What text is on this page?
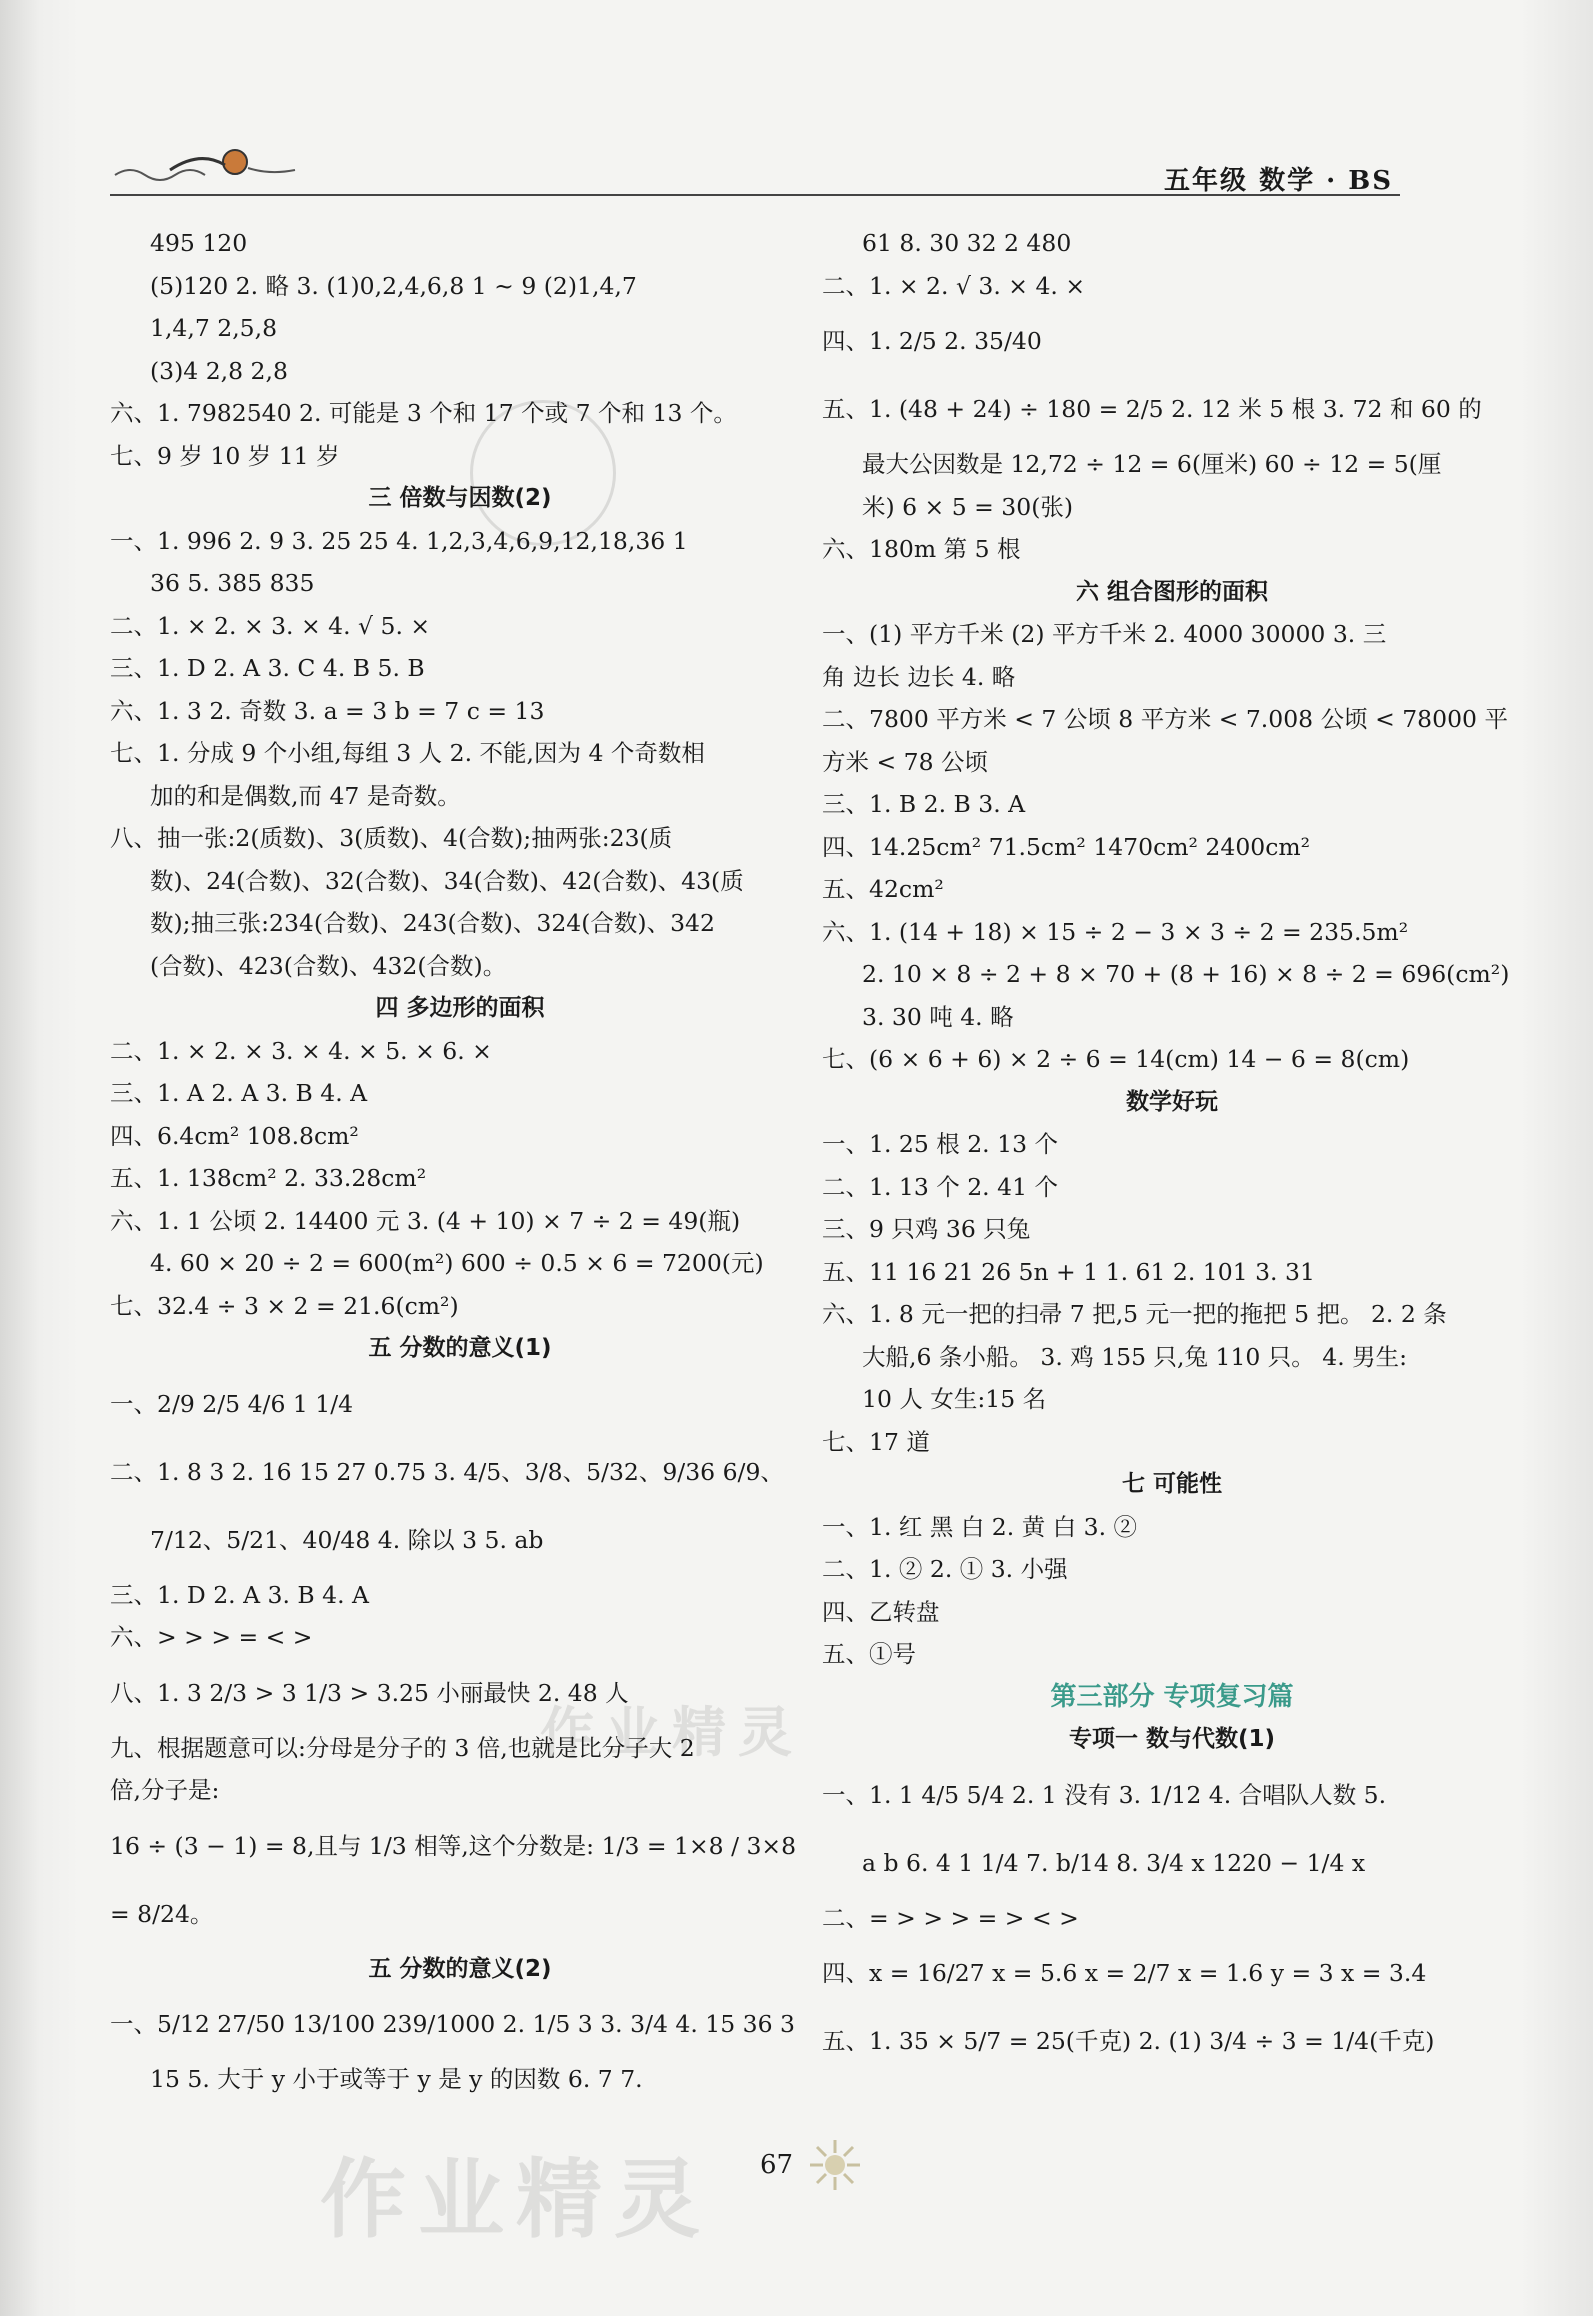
五年级 数学 · BS
作业精灵
495 120
(5)120 2. 略 3. (1)0,2,4,6,8 1 ~ 9 (2)1,4,7
1,4,7 2,5,8
(3)4 2,8 2,8
六、1. 7982540 2. 可能是 3 个和 17 个或 7 个和 13 个。
七、9 岁 10 岁 11 岁
三 倍数与因数(2)
一、1. 996 2. 9 3. 25 25 4. 1,2,3,4,6,9,12,18,36 1
36 5. 385 835
二、1. × 2. × 3. × 4. √ 5. ×
三、1. D 2. A 3. C 4. B 5. B
六、1. 3 2. 奇数 3. a = 3 b = 7 c = 13
七、1. 分成 9 个小组,每组 3 人 2. 不能,因为 4 个奇数相
加的和是偶数,而 47 是奇数。
八、抽一张:2(质数)、3(质数)、4(合数);抽两张:23(质
数)、24(合数)、32(合数)、34(合数)、42(合数)、43(质
数);抽三张:234(合数)、243(合数)、324(合数)、342
(合数)、423(合数)、432(合数)。
四 多边形的面积
二、1. × 2. × 3. × 4. × 5. × 6. ×
三、1. A 2. A 3. B 4. A
四、6.4cm² 108.8cm²
五、1. 138cm² 2. 33.28cm²
六、1. 1 公顷 2. 14400 元 3. (4 + 10) × 7 ÷ 2 = 49(瓶)
4. 60 × 20 ÷ 2 = 600(m²) 600 ÷ 0.5 × 6 = 7200(元)
七、32.4 ÷ 3 × 2 = 21.6(cm²)
五 分数的意义(1)
一、2/9 2/5 4/6 1 1/4
二、1. 8 3 2. 16 15 27 0.75 3. 4/5、3/8、5/32、9/36 6/9、
7/12、5/21、40/48 4. 除以 3 5. ab
三、1. D 2. A 3. B 4. A
六、> > > = < >
八、1. 3 2/3 > 3 1/3 > 3.25 小丽最快 2. 48 人
九、根据题意可以:分母是分子的 3 倍,也就是比分子大 2
倍,分子是:
16 ÷ (3 − 1) = 8,且与 1/3 相等,这个分数是: 1/3 = 1×8 / 3×8
= 8/24。
五 分数的意义(2)
一、5/12 27/50 13/100 239/1000 2. 1/5 3 3. 3/4 4. 15 36 3
15 5. 大于 y 小于或等于 y 是 y 的因数 6. 7 7.
61 8. 30 32 2 480
二、1. × 2. √ 3. × 4. ×
四、1. 2/5 2. 35/40
五、1. (48 + 24) ÷ 180 = 2/5 2. 12 米 5 根 3. 72 和 60 的
最大公因数是 12,72 ÷ 12 = 6(厘米) 60 ÷ 12 = 5(厘
米) 6 × 5 = 30(张)
六、180m 第 5 根
六 组合图形的面积
一、(1) 平方千米 (2) 平方千米 2. 4000 30000 3. 三
角 边长 边长 4. 略
二、7800 平方米 < 7 公顷 8 平方米 < 7.008 公顷 < 78000 平
方米 < 78 公顷
三、1. B 2. B 3. A
四、14.25cm² 71.5cm² 1470cm² 2400cm²
五、42cm²
六、1. (14 + 18) × 15 ÷ 2 − 3 × 3 ÷ 2 = 235.5m²
2. 10 × 8 ÷ 2 + 8 × 70 + (8 + 16) × 8 ÷ 2 = 696(cm²)
3. 30 吨 4. 略
七、(6 × 6 + 6) × 2 ÷ 6 = 14(cm) 14 − 6 = 8(cm)
数学好玩
一、1. 25 根 2. 13 个
二、1. 13 个 2. 41 个
三、9 只鸡 36 只兔
五、11 16 21 26 5n + 1 1. 61 2. 101 3. 31
六、1. 8 元一把的扫帚 7 把,5 元一把的拖把 5 把。 2. 2 条
大船,6 条小船。 3. 鸡 155 只,兔 110 只。 4. 男生:
10 人 女生:15 名
七、17 道
七 可能性
一、1. 红 黑 白 2. 黄 白 3. ②
二、1. ② 2. ① 3. 小强
四、乙转盘
五、①号
第三部分 专项复习篇
专项一 数与代数(1)
一、1. 1 4/5 5/4 2. 1 没有 3. 1/12 4. 合唱队人数 5.
a b 6. 4 1 1/4 7. b/14 8. 3/4 x 1220 − 1/4 x
二、= > > > = > < >
四、x = 16/27 x = 5.6 x = 2/7 x = 1.6 y = 3 x = 3.4
五、1. 35 × 5/7 = 25(千克) 2. (1) 3/4 ÷ 3 = 1/4(千克)
67
作业精灵
